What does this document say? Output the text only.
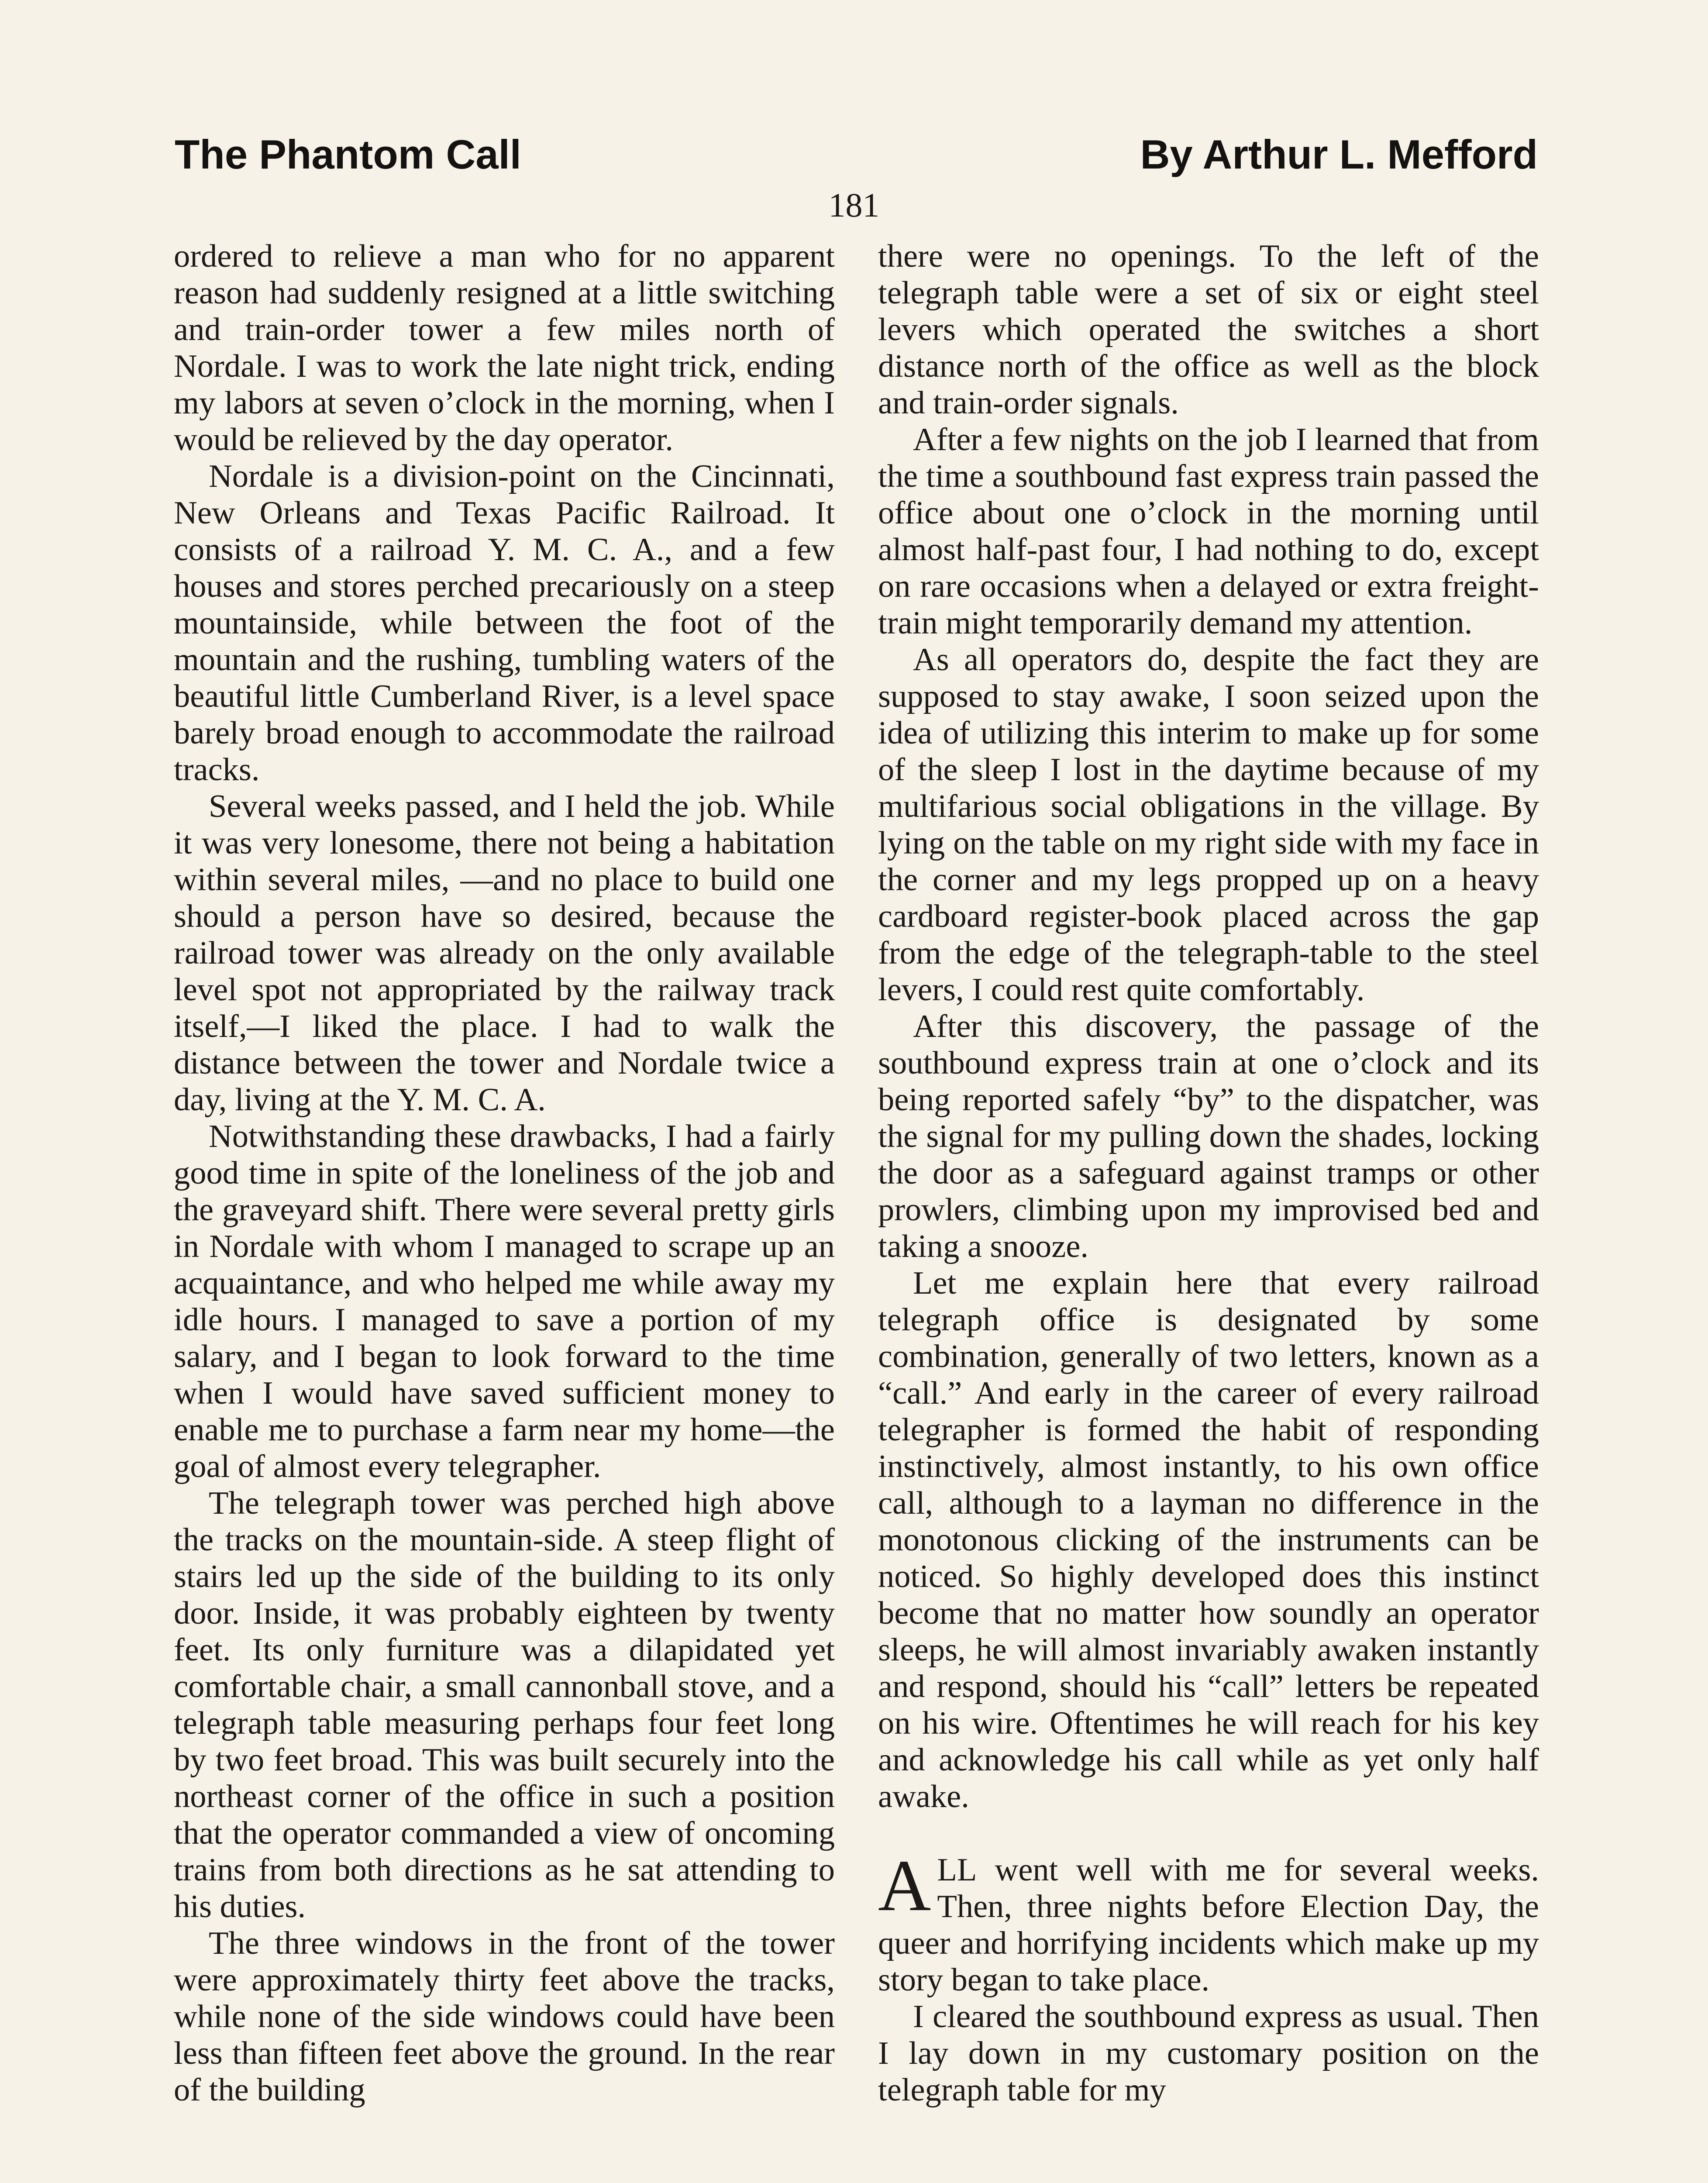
The Phantom Call	By Arthur L. Mefford
181

ordered to relieve a man who for no apparent reason had suddenly resigned at a little switching and train-order tower a few miles north of Nordale. I was to work the late night trick, ending my labors at seven o’clock in the morning, when I would be relieved by the day operator.

Nordale is a division-point on the Cincinnati, New Orleans and Texas Pacific Railroad. It consists of a railroad Y. M. C. A., and a few houses and stores perched precariously on a steep mountainside, while between the foot of the mountain and the rushing, tumbling waters of the beautiful little Cumberland River, is a level space barely broad enough to accommodate the railroad tracks.

Several weeks passed, and I held the job. While it was very lonesome, there not being a habitation within several miles, —and no place to build one should a person have so desired, because the railroad tower was already on the only available level spot not appropriated by the railway track itself,—I liked the place. I had to walk the distance between the tower and Nordale twice a day, living at the Y. M. C. A.

Notwithstanding these drawbacks, I had a fairly good time in spite of the loneliness of the job and the graveyard shift. There were several pretty girls in Nordale with whom I managed to scrape up an acquaintance, and who helped me while away my idle hours. I managed to save a portion of my salary, and I began to look forward to the time when I would have saved sufficient money to enable me to purchase a farm near my home—the goal of almost every telegrapher.

The telegraph tower was perched high above the tracks on the mountain-side. A steep flight of stairs led up the side of the building to its only door. Inside, it was probably eighteen by twenty feet. Its only furniture was a dilapidated yet comfortable chair, a small cannonball stove, and a telegraph table measuring perhaps four feet long by two feet broad. This was built securely into the northeast corner of the office in such a position that the operator commanded a view of oncoming trains from both directions as he sat attending to his duties.

The three windows in the front of the tower were approximately thirty feet above the tracks, while none of the side windows could have been less than fifteen feet above the ground. In the rear of the building

there were no openings. To the left of the telegraph table were a set of six or eight steel levers which operated the switches a short distance north of the office as well as the block and train-order signals.

After a few nights on the job I learned that from the time a southbound fast express train passed the office about one o’clock in the morning until almost half-past four, I had nothing to do, except on rare occasions when a delayed or extra freight-train might temporarily demand my attention.

As all operators do, despite the fact they are supposed to stay awake, I soon seized upon the idea of utilizing this interim to make up for some of the sleep I lost in the daytime because of my multifarious social obligations in the village. By lying on the table on my right side with my face in the corner and my legs propped up on a heavy cardboard register-book placed across the gap from the edge of the telegraph-table to the steel levers, I could rest quite comfortably.

After this discovery, the passage of the southbound express train at one o’clock and its being reported safely “by” to the dispatcher, was the signal for my pulling down the shades, locking the door as a safeguard against tramps or other prowlers, climbing upon my improvised bed and taking a snooze.

Let me explain here that every railroad telegraph office is designated by some combination, generally of two letters, known as a “call.” And early in the career of every railroad telegrapher is formed the habit of responding instinctively, almost instantly, to his own office call, although to a layman no difference in the monotonous clicking of the instruments can be noticed. So highly developed does this instinct become that no matter how soundly an operator sleeps, he will almost invariably awaken instantly and respond, should his “call” letters be repeated on his wire. Oftentimes he will reach for his key and acknowledge his call while as yet only half awake.

ALL went well with me for several weeks. Then, three nights before Election Day, the queer and horrifying incidents which make up my story began to take place.

I cleared the southbound express as usual. Then I lay down in my customary position on the telegraph table for my
